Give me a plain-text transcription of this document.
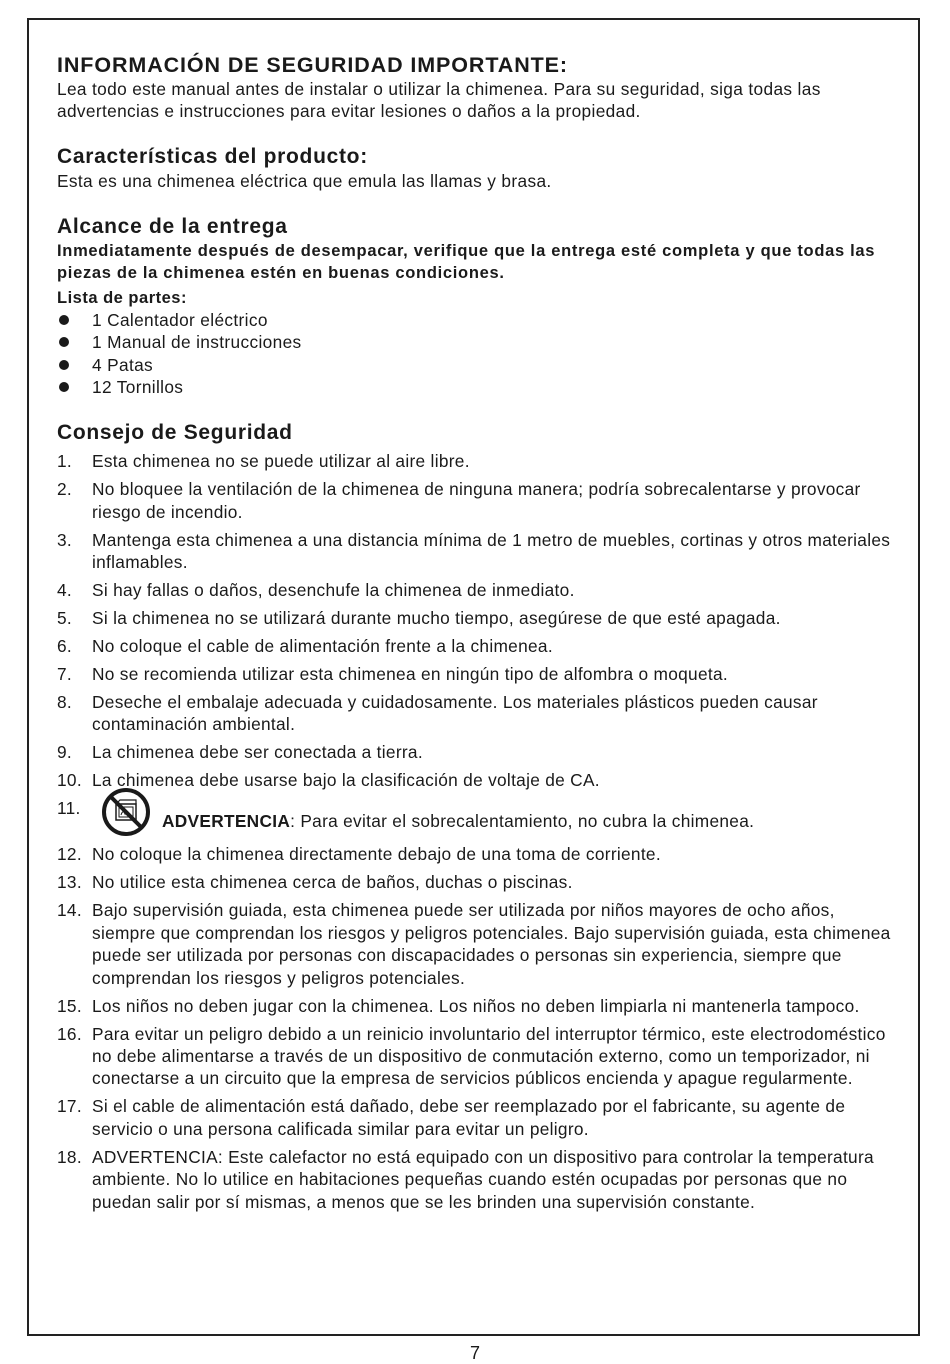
INFORMACIÓN DE SEGURIDAD IMPORTANTE:

Lea todo este manual antes de instalar o utilizar la chimenea. Para su seguridad, siga todas las advertencias e instrucciones para evitar lesiones o daños a la propiedad.

Características del producto:

Esta es una chimenea eléctrica que emula las llamas y brasa.

Alcance de la entrega

Inmediatamente después de desempacar, verifique que la entrega esté completa y que todas las piezas de la chimenea estén en buenas condiciones.

Lista de partes:
1 Calentador eléctrico
1 Manual de instrucciones
4 Patas
12 Tornillos
Consejo de Seguridad
1. Esta chimenea no se puede utilizar al aire libre.
2. No bloquee la ventilación de la chimenea de ninguna manera; podría sobrecalentarse y provocar riesgo de incendio.
3. Mantenga esta chimenea a una distancia mínima de 1 metro de muebles, cortinas y otros materiales inflamables.
4. Si hay fallas o daños, desenchufe la chimenea de inmediato.
5. Si la chimenea no se utilizará durante mucho tiempo, asegúrese de que esté apagada.
6. No coloque el cable de alimentación frente a la chimenea.
7. No se recomienda utilizar esta chimenea en ningún tipo de alfombra o moqueta.
8. Deseche el embalaje adecuada y cuidadosamente. Los materiales plásticos pueden causar contaminación ambiental.
9. La chimenea debe ser conectada a tierra.
10. La chimenea debe usarse bajo la clasificación de voltaje de CA.
11.
ADVERTENCIA: Para evitar el sobrecalentamiento, no cubra la chimenea.
12. No coloque la chimenea directamente debajo de una toma de corriente.
13. No utilice esta chimenea cerca de baños, duchas o piscinas.
14. Bajo supervisión guiada, esta chimenea puede ser utilizada por niños mayores de ocho años, siempre que comprendan los riesgos y peligros potenciales. Bajo supervisión guiada, esta chimenea puede ser utilizada por personas con discapacidades o personas sin experiencia, siempre que comprendan los riesgos y peligros potenciales.
15. Los niños no deben jugar con la chimenea. Los niños no deben limpiarla ni mantenerla tampoco.
16. Para evitar un peligro debido a un reinicio involuntario del interruptor térmico, este electrodoméstico no debe alimentarse a través de un dispositivo de conmutación externo, como un temporizador, ni conectarse a un circuito que la empresa de servicios públicos encienda y apague regularmente.
17. Si el cable de alimentación está dañado, debe ser reemplazado por el fabricante, su agente de servicio o una persona calificada similar para evitar un peligro.
18. ADVERTENCIA: Este calefactor no está equipado con un dispositivo para controlar la temperatura ambiente. No lo utilice en habitaciones pequeñas cuando estén ocupadas por personas que no puedan salir por sí mismas, a menos que se les brinden una supervisión constante.
7
